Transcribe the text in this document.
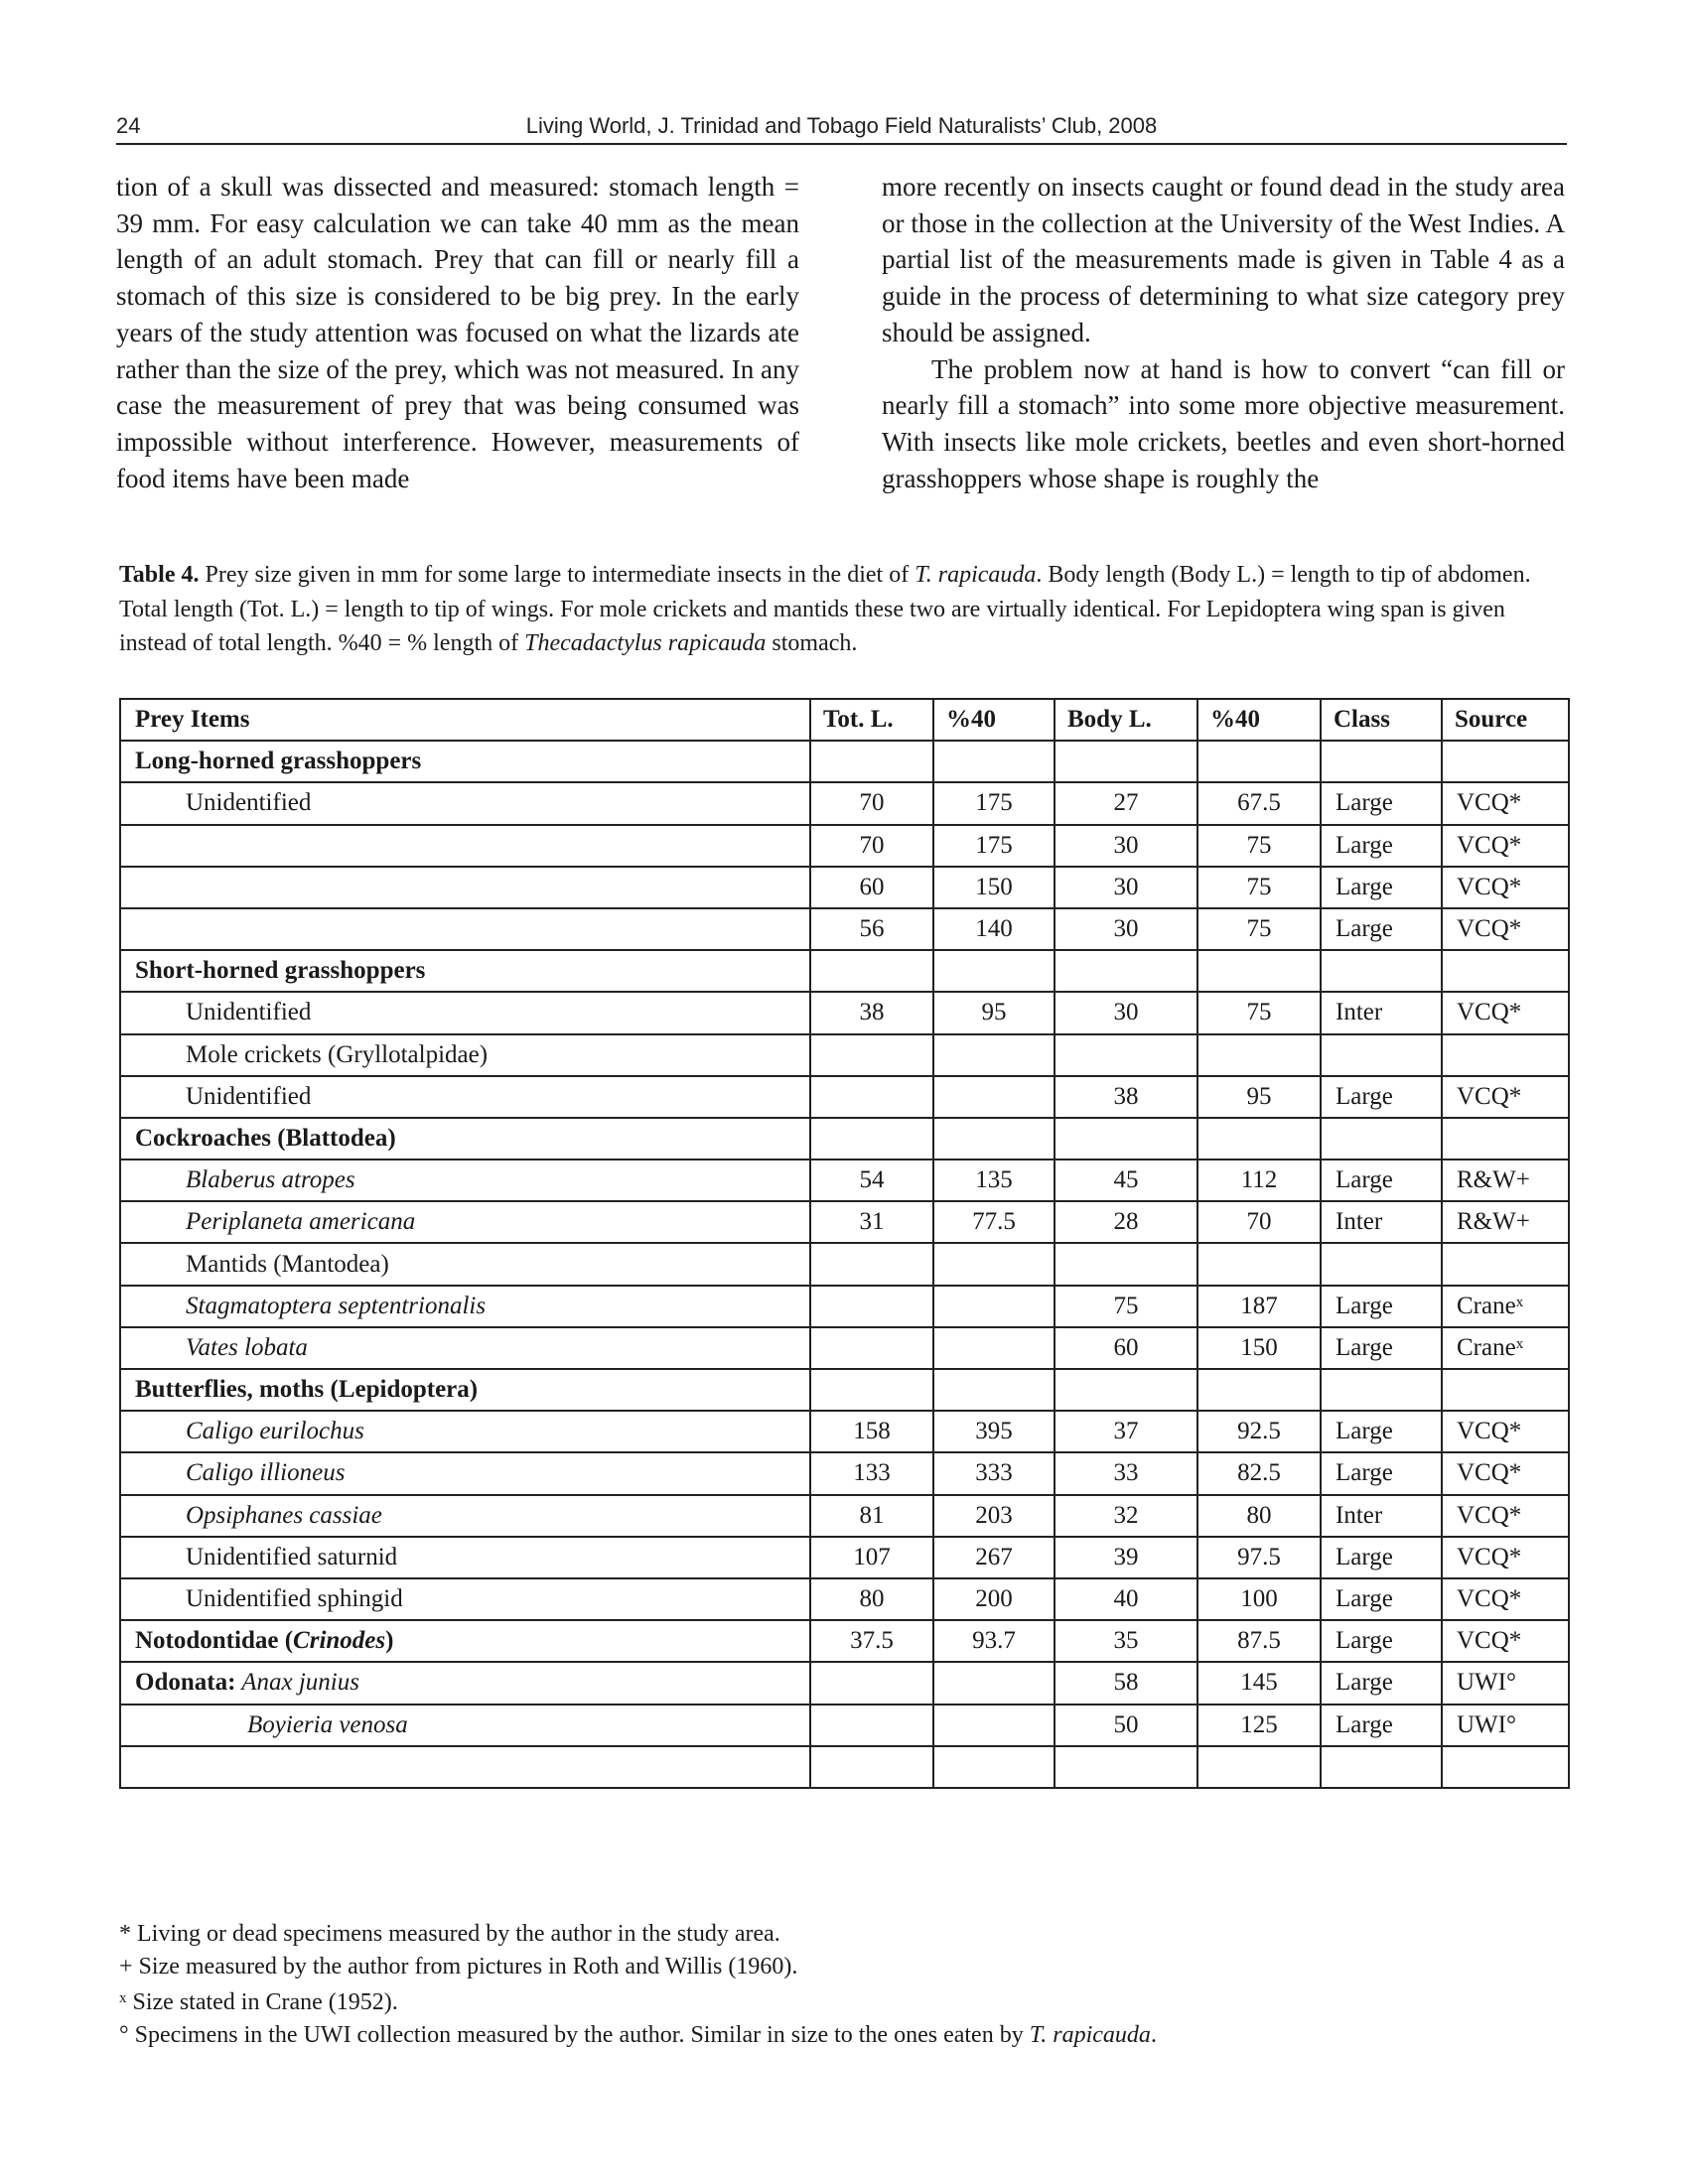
24	Living World, J. Trinidad and Tobago Field Naturalists’ Club, 2008

tion of a skull was dissected and measured: stomach length = 39 mm. For easy calculation we can take 40 mm as the mean length of an adult stomach. Prey that can fill or nearly fill a stomach of this size is considered to be big prey. In the early years of the study attention was focused on what the lizards ate rather than the size of the prey, which was not measured. In any case the measurement of prey that was being consumed was impossible without interference. However, measurements of food items have been made

more recently on insects caught or found dead in the study area or those in the collection at the University of the West Indies. A partial list of the measurements made is given in Table 4 as a guide in the process of determining to what size category prey should be assigned.

The problem now at hand is how to convert “can fill or nearly fill a stomach” into some more objective measurement. With insects like mole crickets, beetles and even short-horned grasshoppers whose shape is roughly the

Table 4. Prey size given in mm for some large to intermediate insects in the diet of T. rapicauda. Body length (Body L.) = length to tip of abdomen. Total length (Tot. L.) = length to tip of wings. For mole crickets and mantids these two are virtually identical. For Lepidoptera wing span is given instead of total length. %40 = % length of Thecadactylus rapicauda stomach.
Prey Items	Tot. L.	%40	Body L.	%40	Class	Source
Long-horned grasshoppers						
Unidentified	70	175	27	67.5	Large	VCQ*
	70	175	30	75	Large	VCQ*
	60	150	30	75	Large	VCQ*
	56	140	30	75	Large	VCQ*
Short-horned grasshoppers						
Unidentified	38	95	30	75	Inter	VCQ*
Mole crickets (Gryllotalpidae)						
Unidentified			38	95	Large	VCQ*
Cockroaches (Blattodea)						
Blaberus atropes	54	135	45	112	Large	R&W+
Periplaneta americana	31	77.5	28	70	Inter	R&W+
Mantids (Mantodea)						
Stagmatoptera septentrionalis			75	187	Large	Crane$^x$
Vates lobata			60	150	Large	Crane$^x$
Butterflies, moths (Lepidoptera)						
Caligo eurilochus	158	395	37	92.5	Large	VCQ*
Caligo illioneus	133	333	33	82.5	Large	VCQ*
Opsiphanes cassiae	81	203	32	80	Inter	VCQ*
Unidentified saturnid	107	267	39	97.5	Large	VCQ*
Unidentified sphingid	80	200	40	100	Large	VCQ*
Notodontidae (Crinodes)	37.5	93.7	35	87.5	Large	VCQ*
Odonata: Anax junius			58	145	Large	UWI°
Boyieria venosa			50	125	Large	UWI°

* Living or dead specimens measured by the author in the study area.
+ Size measured by the author from pictures in Roth and Willis (1960).
$^x$ Size stated in Crane (1952).
° Specimens in the UWI collection measured by the author. Similar in size to the ones eaten by T. rapicauda.
